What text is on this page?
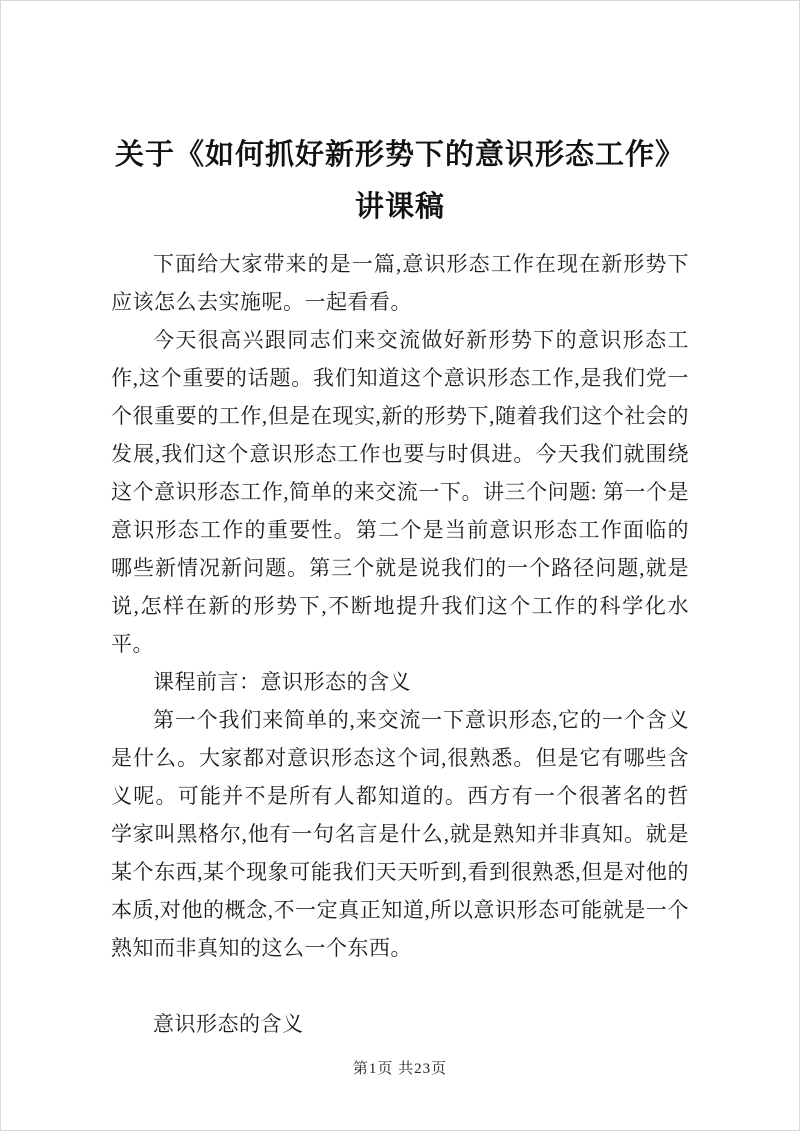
关于《如何抓好新形势下的意识形态工作》讲课稿

下面给大家带来的是一篇,意识形态工作在现在新形势下应该怎么去实施呢。一起看看。

今天很高兴跟同志们来交流做好新形势下的意识形态工作,这个重要的话题。我们知道这个意识形态工作,是我们党一个很重要的工作,但是在现实,新的形势下,随着我们这个社会的发展,我们这个意识形态工作也要与时俱进。今天我们就围绕这个意识形态工作,简单的来交流一下。讲三个问题: 第一个是意识形态工作的重要性。第二个是当前意识形态工作面临的哪些新情况新问题。第三个就是说我们的一个路径问题,就是说,怎样在新的形势下,不断地提升我们这个工作的科学化水平。

课程前言：意识形态的含义

第一个我们来简单的,来交流一下意识形态,它的一个含义是什么。大家都对意识形态这个词,很熟悉。但是它有哪些含义呢。可能并不是所有人都知道的。西方有一个很著名的哲学家叫黑格尔,他有一句名言是什么,就是熟知并非真知。就是某个东西,某个现象可能我们天天听到,看到很熟悉,但是对他的本质,对他的概念,不一定真正知道,所以意识形态可能就是一个熟知而非真知的这么一个东西。

意识形态的含义

第1页 共23页
